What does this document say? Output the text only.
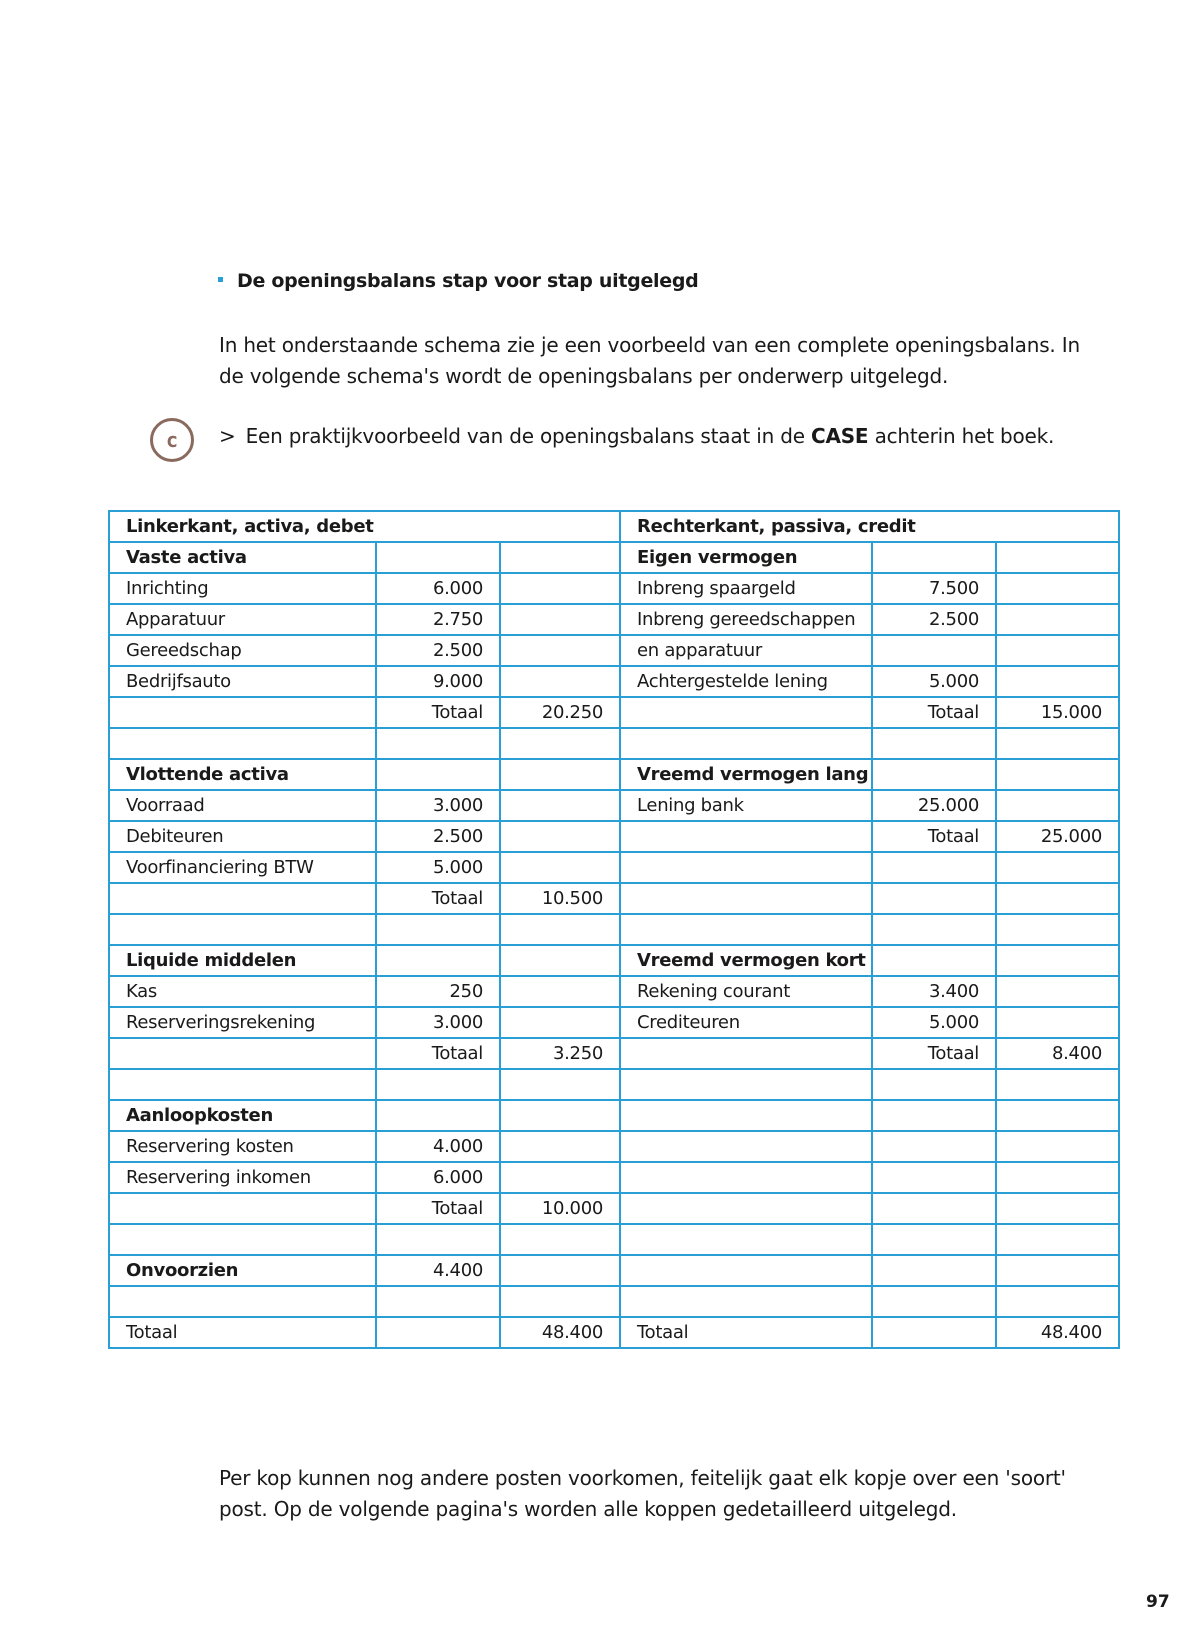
De openingsbalans stap voor stap uitgelegd

In het onderstaande schema zie je een voorbeeld van een complete openingsbalans. In de volgende schema's wordt de openingsbalans per onderwerp uitgelegd.

c > Een praktijkvoorbeeld van de openingsbalans staat in de CASE achterin het boek.
Linkerkant, activa, debet			Rechterkant, passiva, credit		
Vaste activa			Eigen vermogen		
Inrichting	6.000		Inbreng spaargeld	7.500	
Apparatuur	2.750		Inbreng gereedschappen	2.500	
Gereedschap	2.500		en apparatuur		
Bedrijfsauto	9.000		Achtergestelde lening	5.000	
	Totaal	20.250		Totaal	15.000

Vlottende activa			Vreemd vermogen lang		
Voorraad	3.000		Lening bank	25.000	
Debiteuren	2.500			Totaal	25.000
Voorfinanciering BTW	5.000				
	Totaal	10.500			

Liquide middelen			Vreemd vermogen kort		
Kas	250		Rekening courant	3.400	
Reserveringsrekening	3.000		Crediteuren	5.000	
	Totaal	3.250		Totaal	8.400

Aanloopkosten					
Reservering kosten	4.000				
Reservering inkomen	6.000				
	Totaal	10.000			

Onvoorzien	4.400				

Totaal		48.400	Totaal		48.400

Per kop kunnen nog andere posten voorkomen, feitelijk gaat elk kopje over een 'soort' post. Op de volgende pagina's worden alle koppen gedetailleerd uitgelegd.

97
